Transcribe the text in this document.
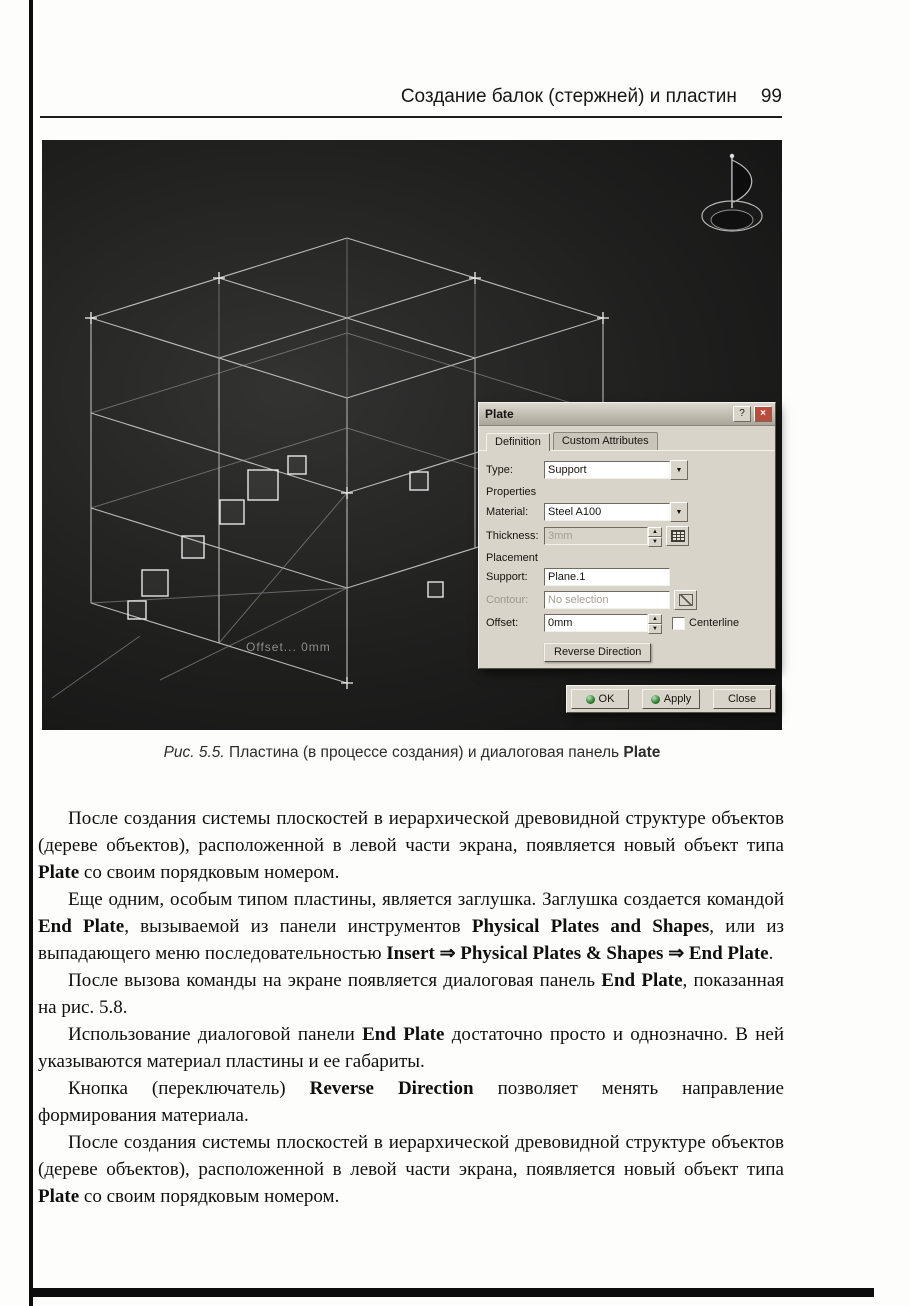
Создание балок (стержней) и пластин 99
Offset... 0mm
Plate	?	×
Definition	Custom Attributes
Type:	Support	▼
Properties
Material:	Steel A100	▼
Thickness: 3mm	▲
▼
Placement
Support:	Plane.1
Contour:	No selection
Offset:	0mm	▲
▼	Centerline
Reverse Direction
OK	Apply	Close
Рис. 5.5. Пластина (в процессе создания) и диалоговая панель Plate

После создания системы плоскостей в иерархической древовидной структуре объектов (дереве объектов), расположенной в левой части экрана, появляется новый объект типа Plate со своим порядковым номером.

Еще одним, особым типом пластины, является заглушка. Заглушка создается командой End Plate, вызываемой из панели инструментов Physical Plates and Shapes, или из выпадающего меню последовательностью Insert ⇒ Physical Plates & Shapes ⇒ End Plate.

После вызова команды на экране появляется диалоговая панель End Plate, показанная на рис. 5.8.

Использование диалоговой панели End Plate достаточно просто и однозначно. В ней указываются материал пластины и ее габариты.

Кнопка (переключатель) Reverse Direction позволяет менять направление формирования материала.

После создания системы плоскостей в иерархической древовидной структуре объектов (дереве объектов), расположенной в левой части экрана, появляется новый объект типа Plate со своим порядковым номером.
